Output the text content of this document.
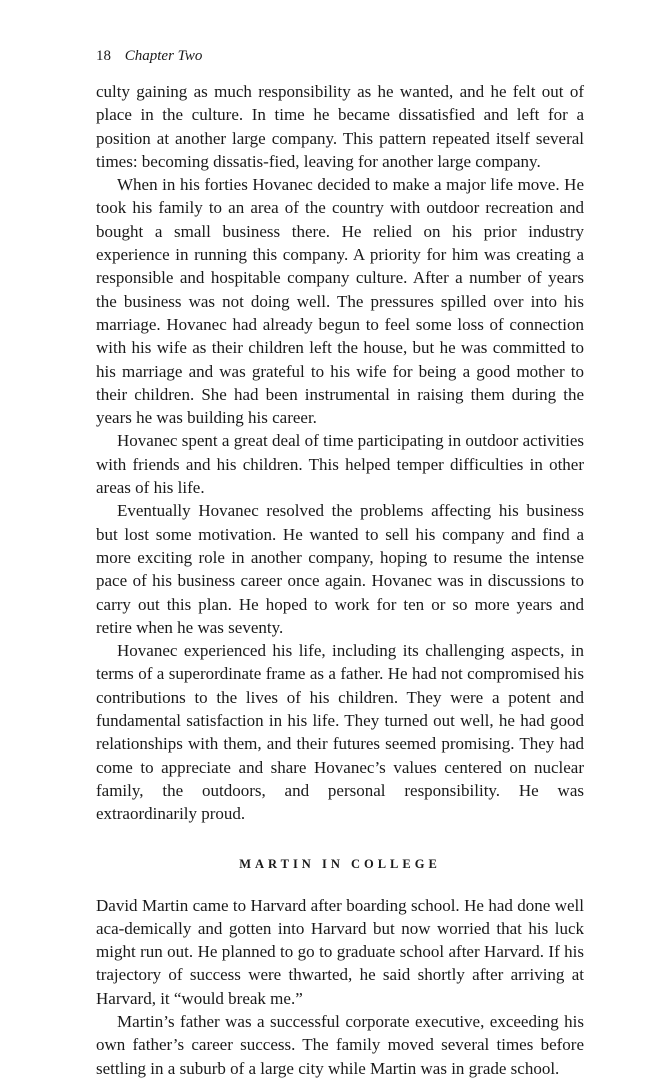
18 Chapter Two

culty gaining as much responsibility as he wanted, and he felt out of place in the culture. In time he became dissatisfied and left for a position at another large company. This pattern repeated itself several times: becoming dissatis-fied, leaving for another large company.

When in his forties Hovanec decided to make a major life move. He took his family to an area of the country with outdoor recreation and bought a small business there. He relied on his prior industry experience in running this company. A priority for him was creating a responsible and hospitable company culture. After a number of years the business was not doing well. The pressures spilled over into his marriage. Hovanec had already begun to feel some loss of connection with his wife as their children left the house, but he was committed to his marriage and was grateful to his wife for being a good mother to their children. She had been instrumental in raising them during the years he was building his career.

Hovanec spent a great deal of time participating in outdoor activities with friends and his children. This helped temper difficulties in other areas of his life.

Eventually Hovanec resolved the problems affecting his business but lost some motivation. He wanted to sell his company and find a more exciting role in another company, hoping to resume the intense pace of his business career once again. Hovanec was in discussions to carry out this plan. He hoped to work for ten or so more years and retire when he was seventy.

Hovanec experienced his life, including its challenging aspects, in terms of a superordinate frame as a father. He had not compromised his contributions to the lives of his children. They were a potent and fundamental satisfaction in his life. They turned out well, he had good relationships with them, and their futures seemed promising. They had come to appreciate and share Hovanec’s values centered on nuclear family, the outdoors, and personal responsibility. He was extraordinarily proud.

MARTIN IN COLLEGE

David Martin came to Harvard after boarding school. He had done well aca-demically and gotten into Harvard but now worried that his luck might run out. He planned to go to graduate school after Harvard. If his trajectory of success were thwarted, he said shortly after arriving at Harvard, it “would break me.”

Martin’s father was a successful corporate executive, exceeding his own father’s career success. The family moved several times before settling in a suburb of a large city while Martin was in grade school.
